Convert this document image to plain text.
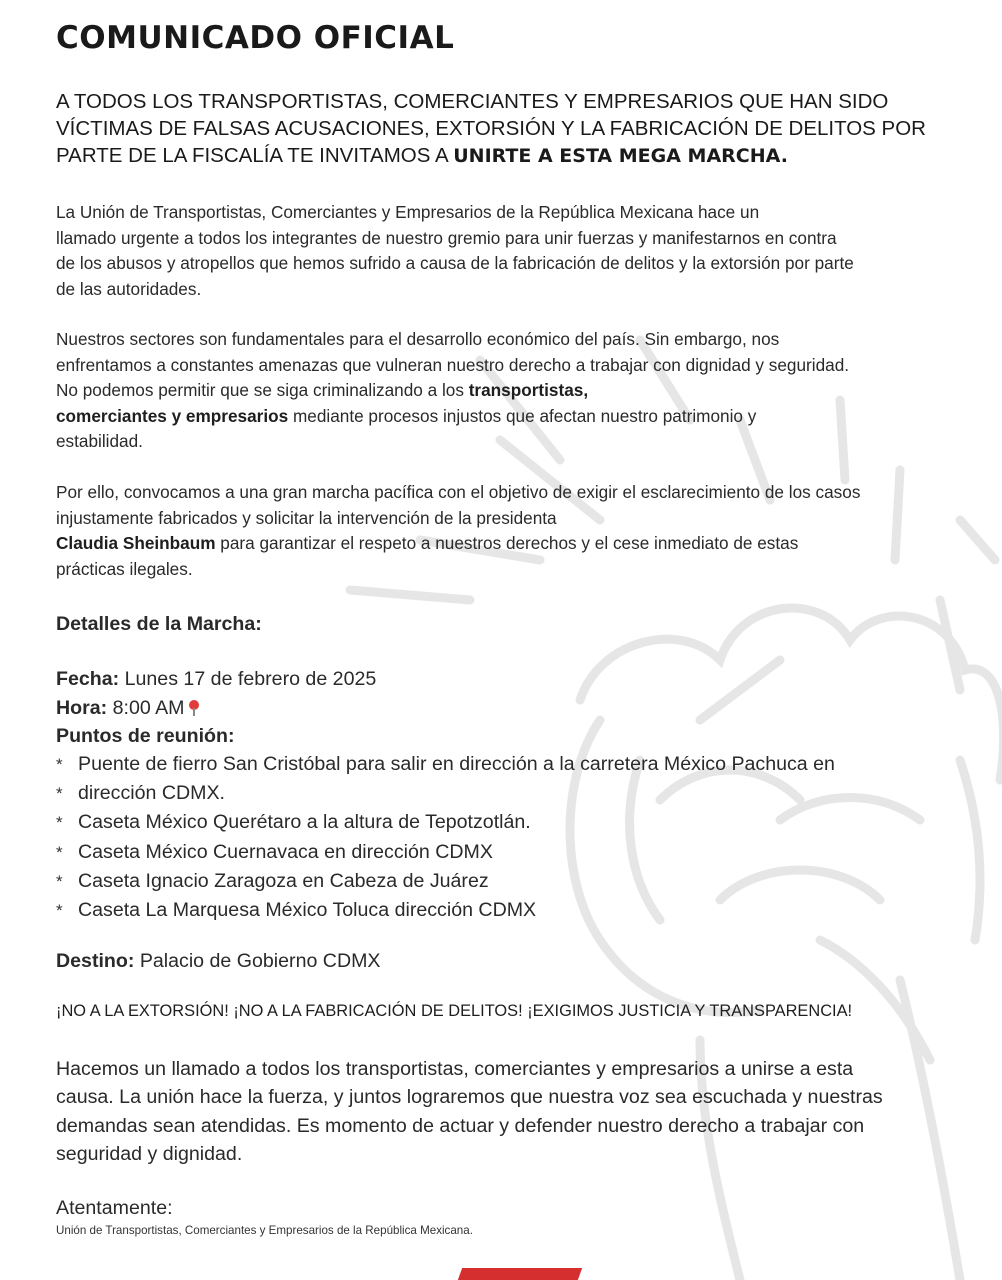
COMUNICADO OFICIAL
A TODOS LOS TRANSPORTISTAS, COMERCIANTES Y EMPRESARIOS QUE HAN SIDO
VÍCTIMAS DE FALSAS ACUSACIONES, EXTORSIÓN Y LA FABRICACIÓN DE DELITOS POR
PARTE DE LA FISCALÍA TE INVITAMOS A UNIRTE A ESTA MEGA MARCHA.
La Unión de Transportistas, Comerciantes y Empresarios de la República Mexicana hace un
llamado urgente a todos los integrantes de nuestro gremio para unir fuerzas y manifestarnos en contra
de los abusos y atropellos que hemos sufrido a causa de la fabricación de delitos y la extorsión por parte
de las autoridades.
Nuestros sectores son fundamentales para el desarrollo económico del país. Sin embargo, nos
enfrentamos a constantes amenazas que vulneran nuestro derecho a trabajar con dignidad y seguridad.
No podemos permitir que se siga criminalizando a los transportistas,
comerciantes y empresarios mediante procesos injustos que afectan nuestro patrimonio y
estabilidad.
Por ello, convocamos a una gran marcha pacífica con el objetivo de exigir el esclarecimiento de los casos
injustamente fabricados y solicitar la intervención de la presidenta
Claudia Sheinbaum para garantizar el respeto a nuestros derechos y el cese inmediato de estas
prácticas ilegales.
Detalles de la Marcha:
Fecha: Lunes 17 de febrero de 2025
Hora: 8:00 AM
Puntos de reunión:
* Puente de fierro San Cristóbal para salir en dirección a la carretera México Pachuca en
* dirección CDMX.
* Caseta México Querétaro a la altura de Tepotzotlán.
* Caseta México Cuernavaca en dirección CDMX
* Caseta Ignacio Zaragoza en Cabeza de Juárez
* Caseta La Marquesa México Toluca dirección CDMX
Destino: Palacio de Gobierno CDMX
¡NO A LA EXTORSIÓN! ¡NO A LA FABRICACIÓN DE DELITOS! ¡EXIGIMOS JUSTICIA Y TRANSPARENCIA!
Hacemos un llamado a todos los transportistas, comerciantes y empresarios a unirse a esta
causa. La unión hace la fuerza, y juntos lograremos que nuestra voz sea escuchada y nuestras
demandas sean atendidas. Es momento de actuar y defender nuestro derecho a trabajar con
seguridad y dignidad.
Atentamente:
Unión de Transportistas, Comerciantes y Empresarios de la República Mexicana.
